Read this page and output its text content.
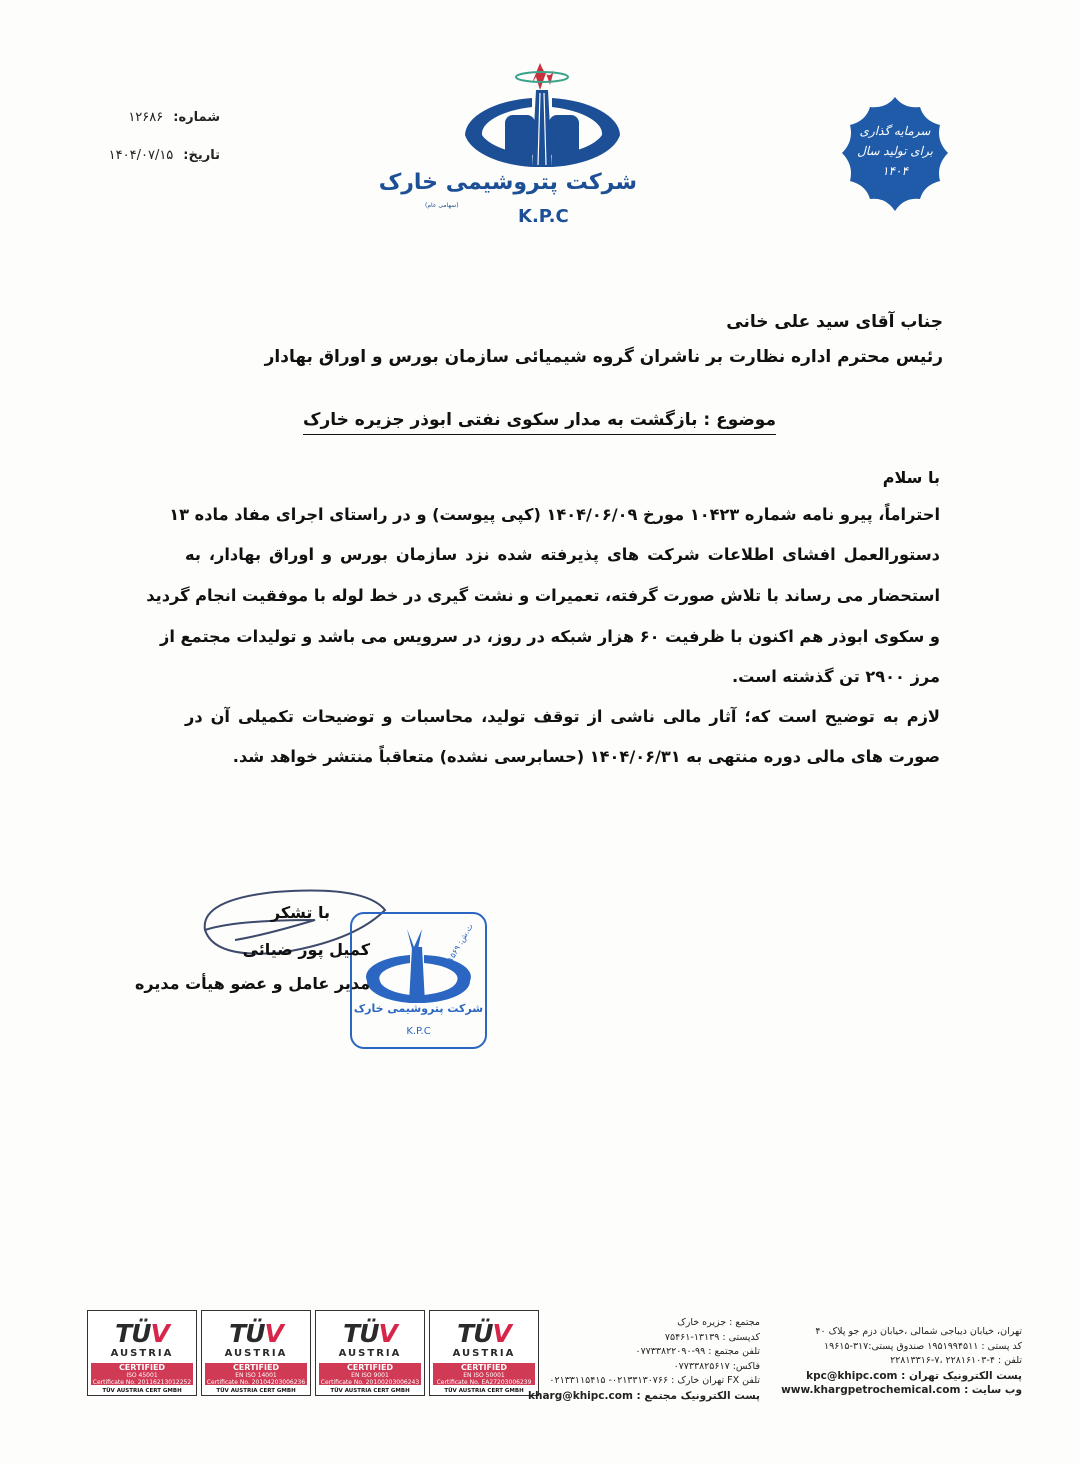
شماره:۱۲۶۸۶
تاریخ:۱۴۰۴/۰۷/۱۵
شرکت پتروشیمی خارک
(سهامی عام)
K.P.C
سرمایه گذاری برای تولید سال ۱۴۰۴
جناب آقای سید علی خانی
رئیس محترم اداره نظارت بر ناشران گروه شیمیائی سازمان بورس و اوراق بهادار
موضوع : بازگشت به مدار سکوی نفتی ابوذر جزیره خارک
با سلام
احتراماً، پیرو نامه شماره ۱۰۴۲۳ مورخ ۱۴۰۴/۰۶/۰۹ (کپی پیوست) و در راستای اجرای مفاد ماده ۱۳
دستورالعمل افشای اطلاعات شرکت های پذیرفته شده نزد سازمان بورس و اوراق بهادار، به
استحضار می رساند با تلاش صورت گرفته، تعمیرات و نشت گیری در خط لوله با موفقیت انجام گردید
و سکوی ابوذر هم اکنون با ظرفیت ۶۰ هزار شبکه در روز، در سرویس می باشد و تولیدات مجتمع از
مرز ۲۹۰۰ تن گذشته است.
لازم به توضیح است که؛ آثار مالی ناشی از توقف تولید، محاسبات و توضیحات تکمیلی آن در
صورت های مالی دوره منتهی به ۱۴۰۴/۰۶/۳۱ (حسابرسی نشده) متعاقباً منتشر خواهد شد.
ث.ش: ۱۱۵۶۹
شرکت پتروشیمی خارک
K.P.C
با تشکر
کمیل پور ضیائی
مدیر عامل و عضو هیأت مدیره
TÜV
AUSTRIA
CERTIFIED
ISO 45001
Certificate No. 20116213012252
TÜV AUSTRIA CERT GMBH
TÜV
AUSTRIA
CERTIFIED
EN ISO 14001
Certificate No. 20104203006236
TÜV AUSTRIA CERT GMBH
TÜV
AUSTRIA
CERTIFIED
EN ISO 9001
Certificate No. 20100203006243
TÜV AUSTRIA CERT GMBH
TÜV
AUSTRIA
CERTIFIED
EN ISO 50001
Certificate No. EA27203006239
TÜV AUSTRIA CERT GMBH
مجتمع : جزیره خارک
کدپستی : ۱۳۱۳۹-۷۵۴۶۱
تلفن مجتمع : ۹۹-۰۷۷۳۳۸۲۲۰۹۰
فاکس: ۰۷۷۳۳۸۲۵۶۱۷
تلفن FX تهران خارک : ۰۲۱۳۳۱۳۰۷۶۶- ۰۲۱۳۳۱۱۵۴۱۵
پست الکترونیک مجتمع : kharg@khipc.com
تهران، خیابان دیباجی شمالی ،خیابان دزم جو پلاک ۴۰
کد پستی : ۱۹۵۱۹۹۴۵۱۱ صندوق پستی:۳۱۷-۱۹۶۱۵
تلفن : ۴-۲۲۸۱۶۱۰۳ ،۷-۲۲۸۱۳۳۱۶
پست الکترونیک تهران : kpc@khipc.com
وب سایت : www.khargpetrochemical.com
